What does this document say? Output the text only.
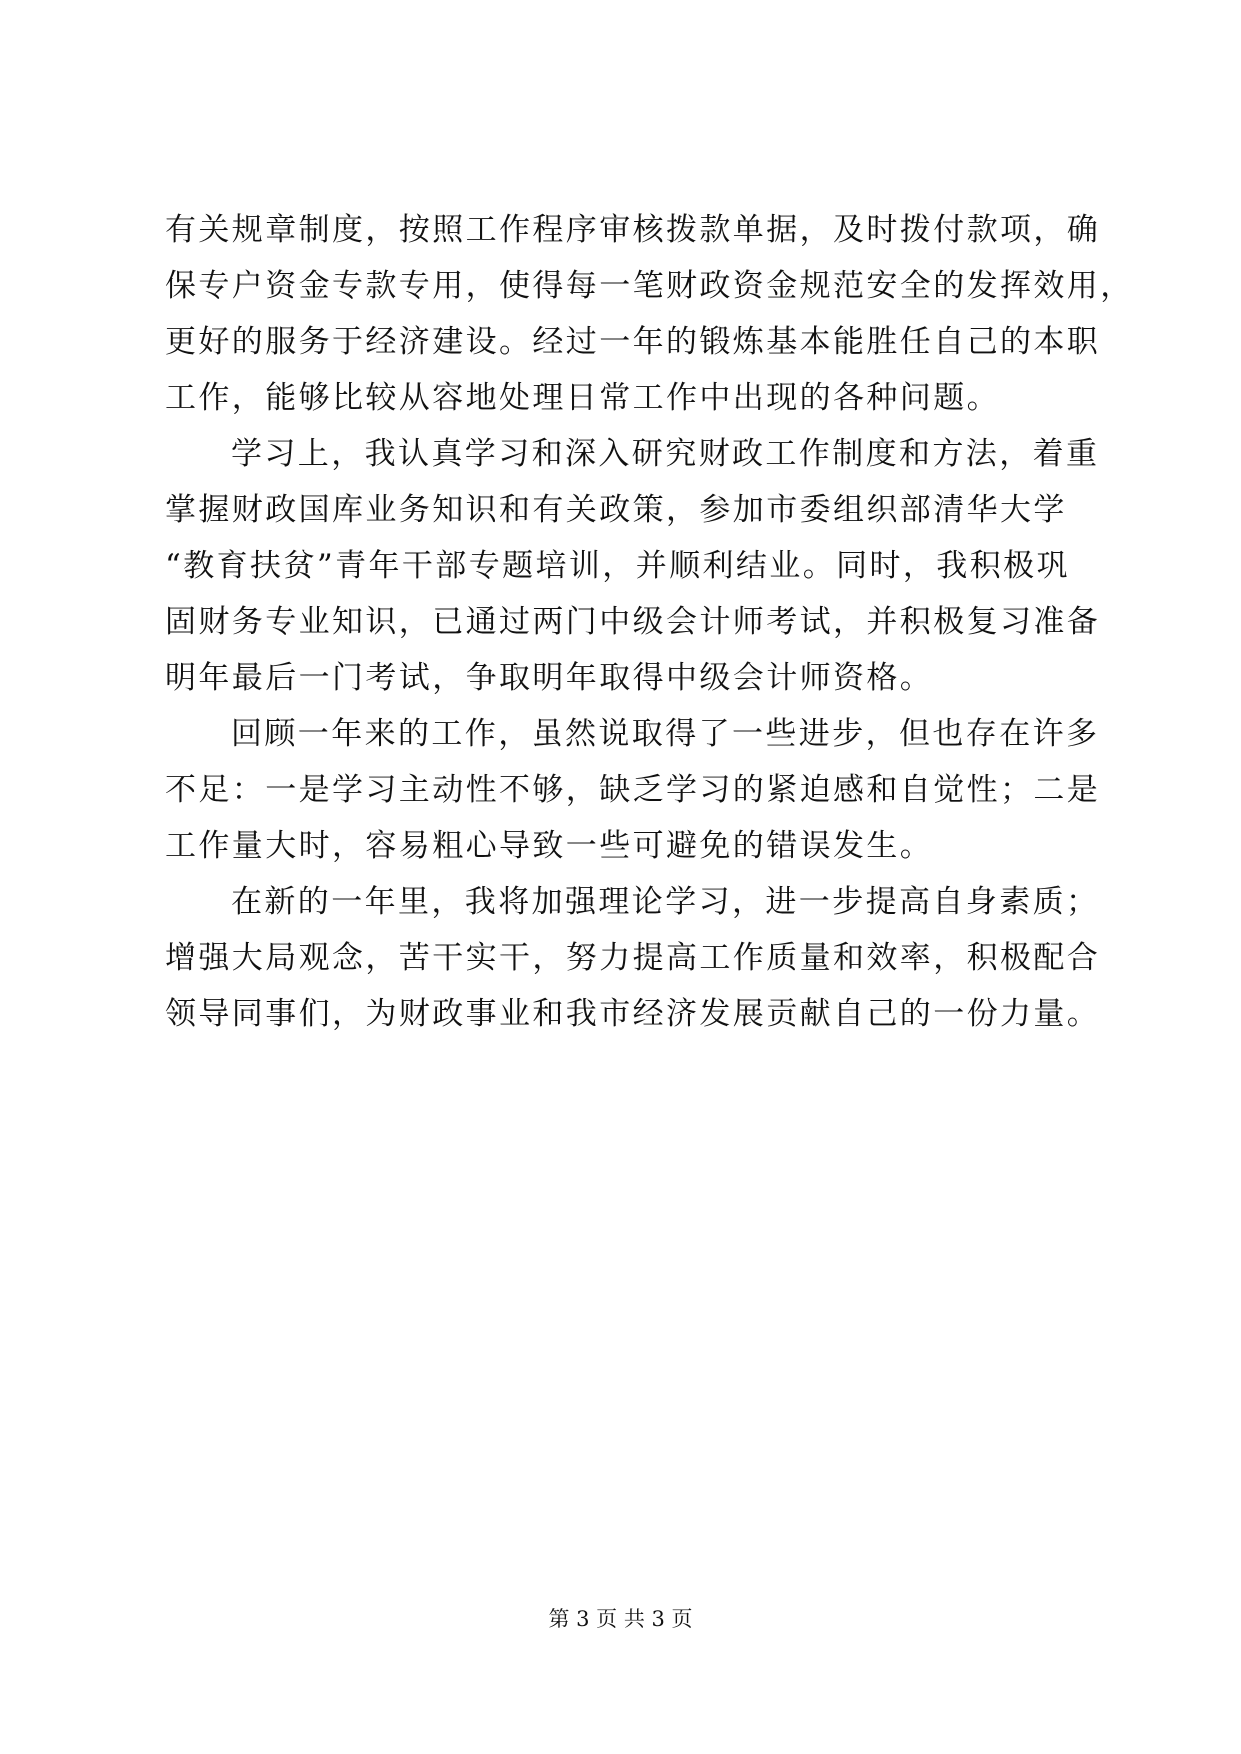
有关规章制度，按照工作程序审核拨款单据，及时拨付款项，确
保专户资金专款专用，使得每一笔财政资金规范安全的发挥效用，
更好的服务于经济建设。经过一年的锻炼基本能胜任自己的本职
工作，能够比较从容地处理日常工作中出现的各种问题。
学习上，我认真学习和深入研究财政工作制度和方法，着重
掌握财政国库业务知识和有关政策，参加市委组织部清华大学
“教育扶贫”青年干部专题培训，并顺利结业。同时，我积极巩
固财务专业知识，已通过两门中级会计师考试，并积极复习准备
明年最后一门考试，争取明年取得中级会计师资格。
回顾一年来的工作，虽然说取得了一些进步，但也存在许多
不足：一是学习主动性不够，缺乏学习的紧迫感和自觉性；二是
工作量大时，容易粗心导致一些可避免的错误发生。
在新的一年里，我将加强理论学习，进一步提高自身素质；
增强大局观念，苦干实干，努力提高工作质量和效率，积极配合
领导同事们，为财政事业和我市经济发展贡献自己的一份力量。
第 3 页 共 3 页
